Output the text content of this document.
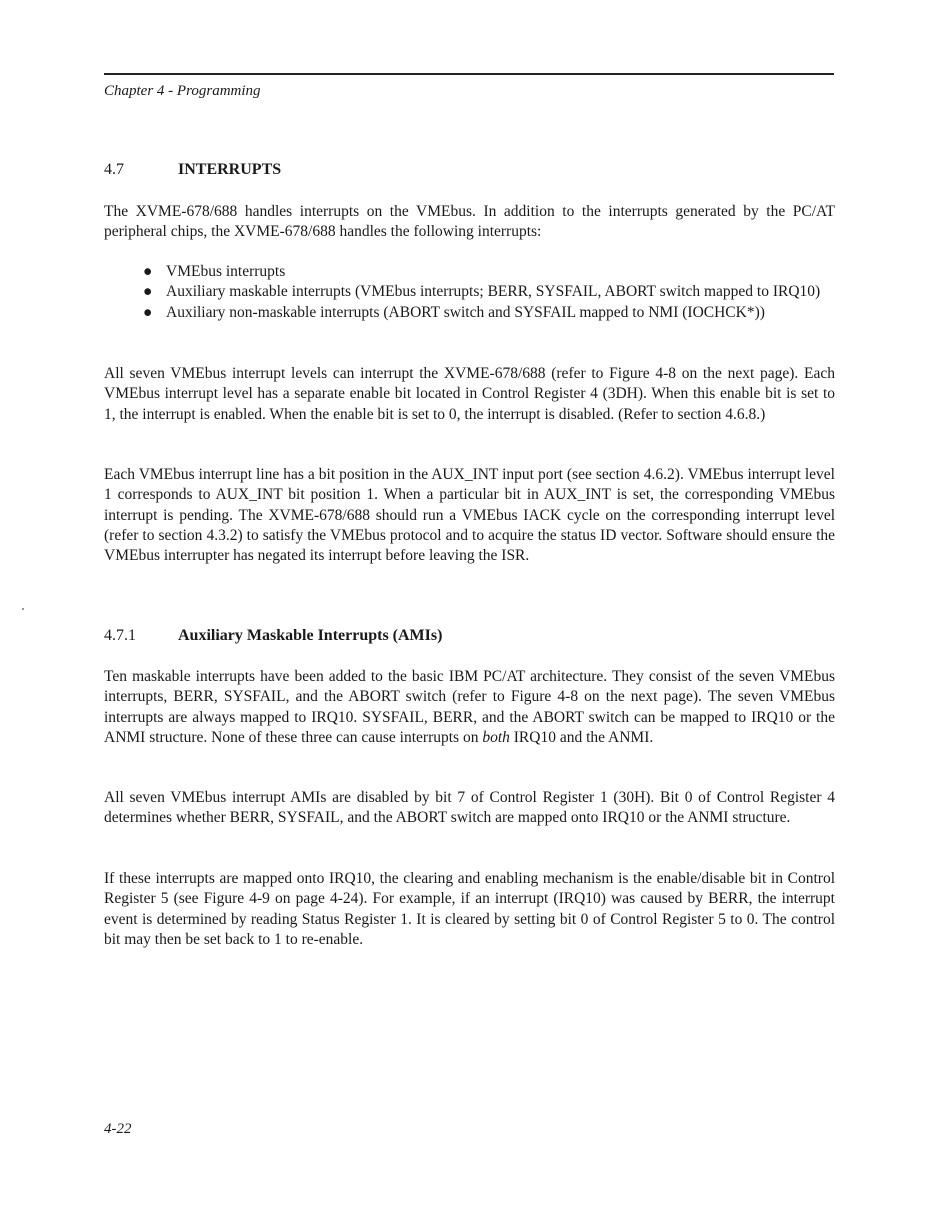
Chapter 4 - Programming
4.7	INTERRUPTS

The XVME-678/688 handles interrupts on the VMEbus. In addition to the interrupts generated by the PC/AT peripheral chips, the XVME-678/688 handles the following interrupts:

● VMEbus interrupts
● Auxiliary maskable interrupts (VMEbus interrupts; BERR, SYSFAIL, ABORT switch mapped to IRQ10)
● Auxiliary non-maskable interrupts (ABORT switch and SYSFAIL mapped to NMI (IOCHCK*))

All seven VMEbus interrupt levels can interrupt the XVME-678/688 (refer to Figure 4-8 on the next page). Each VMEbus interrupt level has a separate enable bit located in Control Register 4 (3DH). When this enable bit is set to 1, the interrupt is enabled. When the enable bit is set to 0, the interrupt is disabled. (Refer to section 4.6.8.)

Each VMEbus interrupt line has a bit position in the AUX_INT input port (see section 4.6.2). VMEbus interrupt level 1 corresponds to AUX_INT bit position 1. When a particular bit in AUX_INT is set, the corresponding VMEbus interrupt is pending. The XVME-678/688 should run a VMEbus IACK cycle on the corresponding interrupt level (refer to section 4.3.2) to satisfy the VMEbus protocol and to acquire the status ID vector. Software should ensure the VMEbus interrupter has negated its interrupt before leaving the ISR.

4.7.1	Auxiliary Maskable Interrupts (AMIs)

Ten maskable interrupts have been added to the basic IBM PC/AT architecture. They consist of the seven VMEbus interrupts, BERR, SYSFAIL, and the ABORT switch (refer to Figure 4-8 on the next page). The seven VMEbus interrupts are always mapped to IRQ10. SYSFAIL, BERR, and the ABORT switch can be mapped to IRQ10 or the ANMI structure. None of these three can cause interrupts on both IRQ10 and the ANMI.

All seven VMEbus interrupt AMIs are disabled by bit 7 of Control Register 1 (30H). Bit 0 of Control Register 4 determines whether BERR, SYSFAIL, and the ABORT switch are mapped onto IRQ10 or the ANMI structure.

If these interrupts are mapped onto IRQ10, the clearing and enabling mechanism is the enable/disable bit in Control Register 5 (see Figure 4-9 on page 4-24). For example, if an interrupt (IRQ10) was caused by BERR, the interrupt event is determined by reading Status Register 1. It is cleared by setting bit 0 of Control Register 5 to 0. The control bit may then be set back to 1 to re-enable.

4-22
